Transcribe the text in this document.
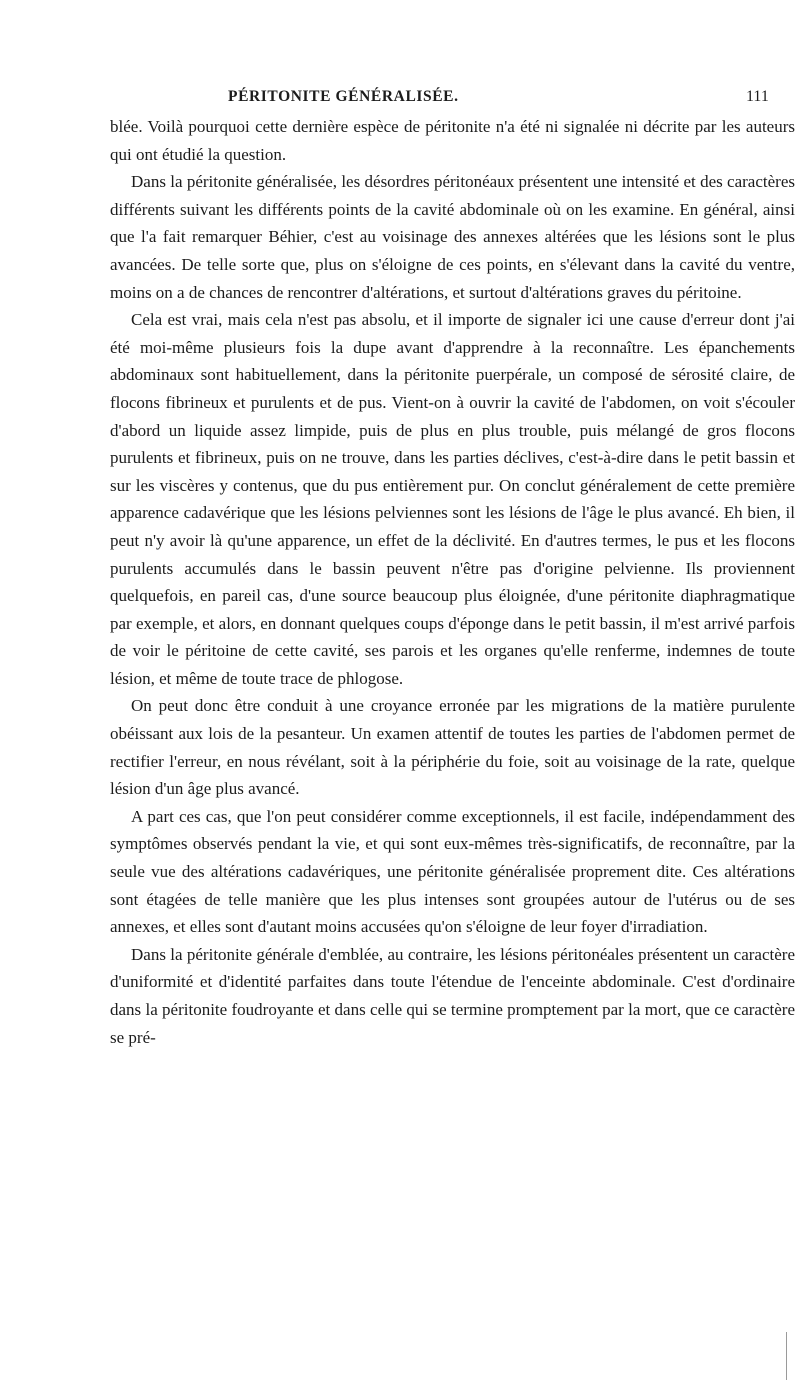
PÉRITONITE GÉNÉRALISÉE.	111

blée. Voilà pourquoi cette dernière espèce de péritonite n'a été ni signalée ni décrite par les auteurs qui ont étudié la question.

Dans la péritonite généralisée, les désordres péritonéaux présentent une intensité et des caractères différents suivant les différents points de la cavité abdominale où on les examine. En général, ainsi que l'a fait remarquer Béhier, c'est au voisinage des annexes altérées que les lésions sont le plus avancées. De telle sorte que, plus on s'éloigne de ces points, en s'élevant dans la cavité du ventre, moins on a de chances de rencontrer d'altérations, et surtout d'altérations graves du péritoine.

Cela est vrai, mais cela n'est pas absolu, et il importe de signaler ici une cause d'erreur dont j'ai été moi-même plusieurs fois la dupe avant d'apprendre à la reconnaître. Les épanchements abdominaux sont habituellement, dans la péritonite puerpérale, un composé de sérosité claire, de flocons fibrineux et purulents et de pus. Vient-on à ouvrir la cavité de l'abdomen, on voit s'écouler d'abord un liquide assez limpide, puis de plus en plus trouble, puis mélangé de gros flocons purulents et fibrineux, puis on ne trouve, dans les parties déclives, c'est-à-dire dans le petit bassin et sur les viscères y contenus, que du pus entièrement pur. On conclut généralement de cette première apparence cadavérique que les lésions pelviennes sont les lésions de l'âge le plus avancé. Eh bien, il peut n'y avoir là qu'une apparence, un effet de la déclivité. En d'autres termes, le pus et les flocons purulents accumulés dans le bassin peuvent n'être pas d'origine pelvienne. Ils proviennent quelquefois, en pareil cas, d'une source beaucoup plus éloignée, d'une péritonite diaphragmatique par exemple, et alors, en donnant quelques coups d'éponge dans le petit bassin, il m'est arrivé parfois de voir le péritoine de cette cavité, ses parois et les organes qu'elle renferme, indemnes de toute lésion, et même de toute trace de phlogose.

On peut donc être conduit à une croyance erronée par les migrations de la matière purulente obéissant aux lois de la pesanteur. Un examen attentif de toutes les parties de l'abdomen permet de rectifier l'erreur, en nous révélant, soit à la périphérie du foie, soit au voisinage de la rate, quelque lésion d'un âge plus avancé.

A part ces cas, que l'on peut considérer comme exceptionnels, il est facile, indépendamment des symptômes observés pendant la vie, et qui sont eux-mêmes très-significatifs, de reconnaître, par la seule vue des altérations cadavériques, une péritonite généralisée proprement dite. Ces altérations sont étagées de telle manière que les plus intenses sont groupées autour de l'utérus ou de ses annexes, et elles sont d'autant moins accusées qu'on s'éloigne de leur foyer d'irradiation.

Dans la péritonite générale d'emblée, au contraire, les lésions péritonéales présentent un caractère d'uniformité et d'identité parfaites dans toute l'étendue de l'enceinte abdominale. C'est d'ordinaire dans la péritonite foudroyante et dans celle qui se termine promptement par la mort, que ce caractère se pré-
